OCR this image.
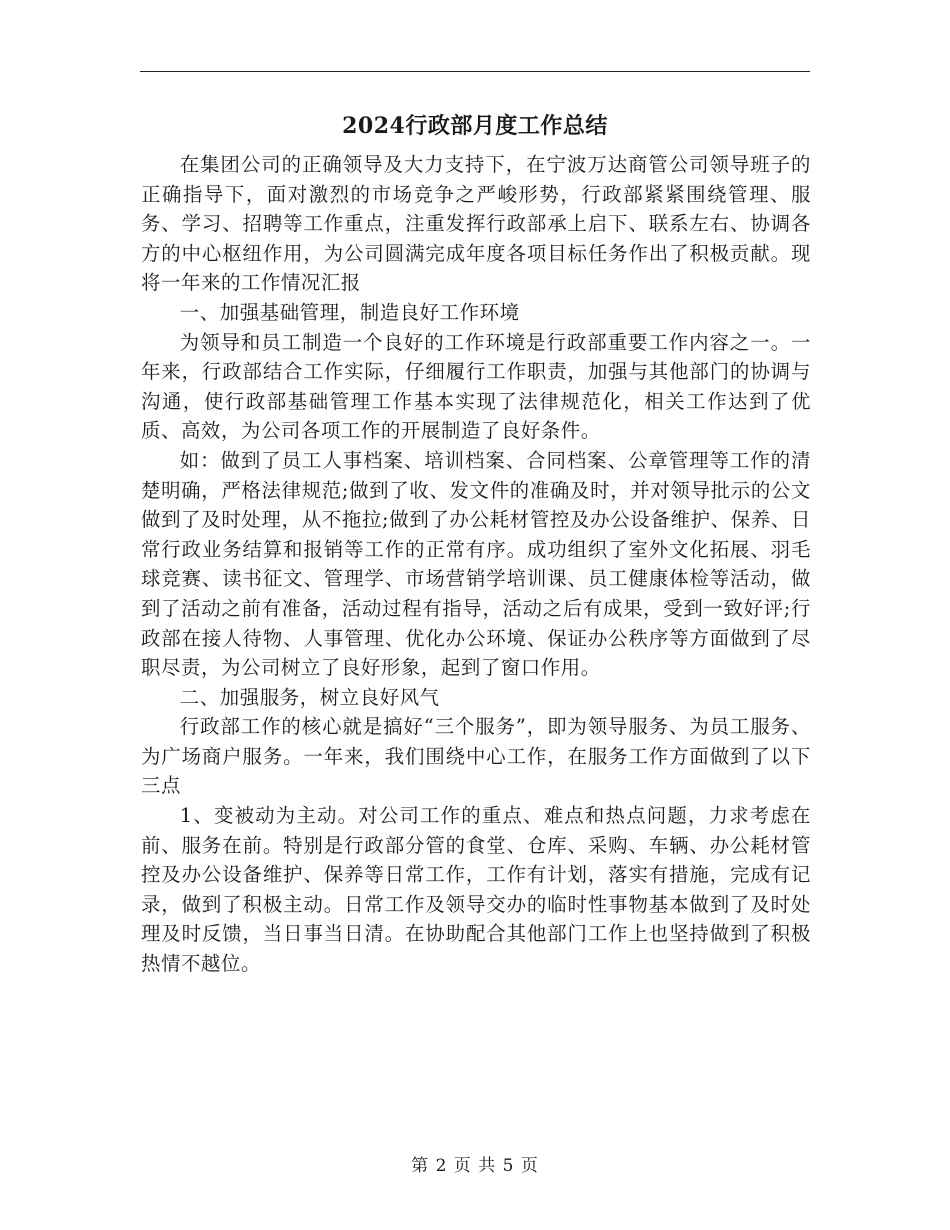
2024行政部月度工作总结

在集团公司的正确领导及大力支持下，在宁波万达商管公司领导班子的正确指导下，面对激烈的市场竞争之严峻形势，行政部紧紧围绕管理、服务、学习、招聘等工作重点，注重发挥行政部承上启下、联系左右、协调各方的中心枢纽作用，为公司圆满完成年度各项目标任务作出了积极贡献。现将一年来的工作情况汇报

一、加强基础管理，制造良好工作环境

为领导和员工制造一个良好的工作环境是行政部重要工作内容之一。一年来，行政部结合工作实际，仔细履行工作职责，加强与其他部门的协调与沟通，使行政部基础管理工作基本实现了法律规范化，相关工作达到了优质、高效，为公司各项工作的开展制造了良好条件。

如：做到了员工人事档案、培训档案、合同档案、公章管理等工作的清楚明确，严格法律规范;做到了收、发文件的准确及时，并对领导批示的公文做到了及时处理，从不拖拉;做到了办公耗材管控及办公设备维护、保养、日常行政业务结算和报销等工作的正常有序。成功组织了室外文化拓展、羽毛球竞赛、读书征文、管理学、市场营销学培训课、员工健康体检等活动，做到了活动之前有准备，活动过程有指导，活动之后有成果，受到一致好评;行政部在接人待物、人事管理、优化办公环境、保证办公秩序等方面做到了尽职尽责，为公司树立了良好形象，起到了窗口作用。

二、加强服务，树立良好风气

行政部工作的核心就是搞好“三个服务”，即为领导服务、为员工服务、为广场商户服务。一年来，我们围绕中心工作，在服务工作方面做到了以下三点

1、变被动为主动。对公司工作的重点、难点和热点问题，力求考虑在前、服务在前。特别是行政部分管的食堂、仓库、采购、车辆、办公耗材管控及办公设备维护、保养等日常工作，工作有计划，落实有措施，完成有记录，做到了积极主动。日常工作及领导交办的临时性事物基本做到了及时处理及时反馈，当日事当日清。在协助配合其他部门工作上也坚持做到了积极热情不越位。

第 2 页 共 5 页
